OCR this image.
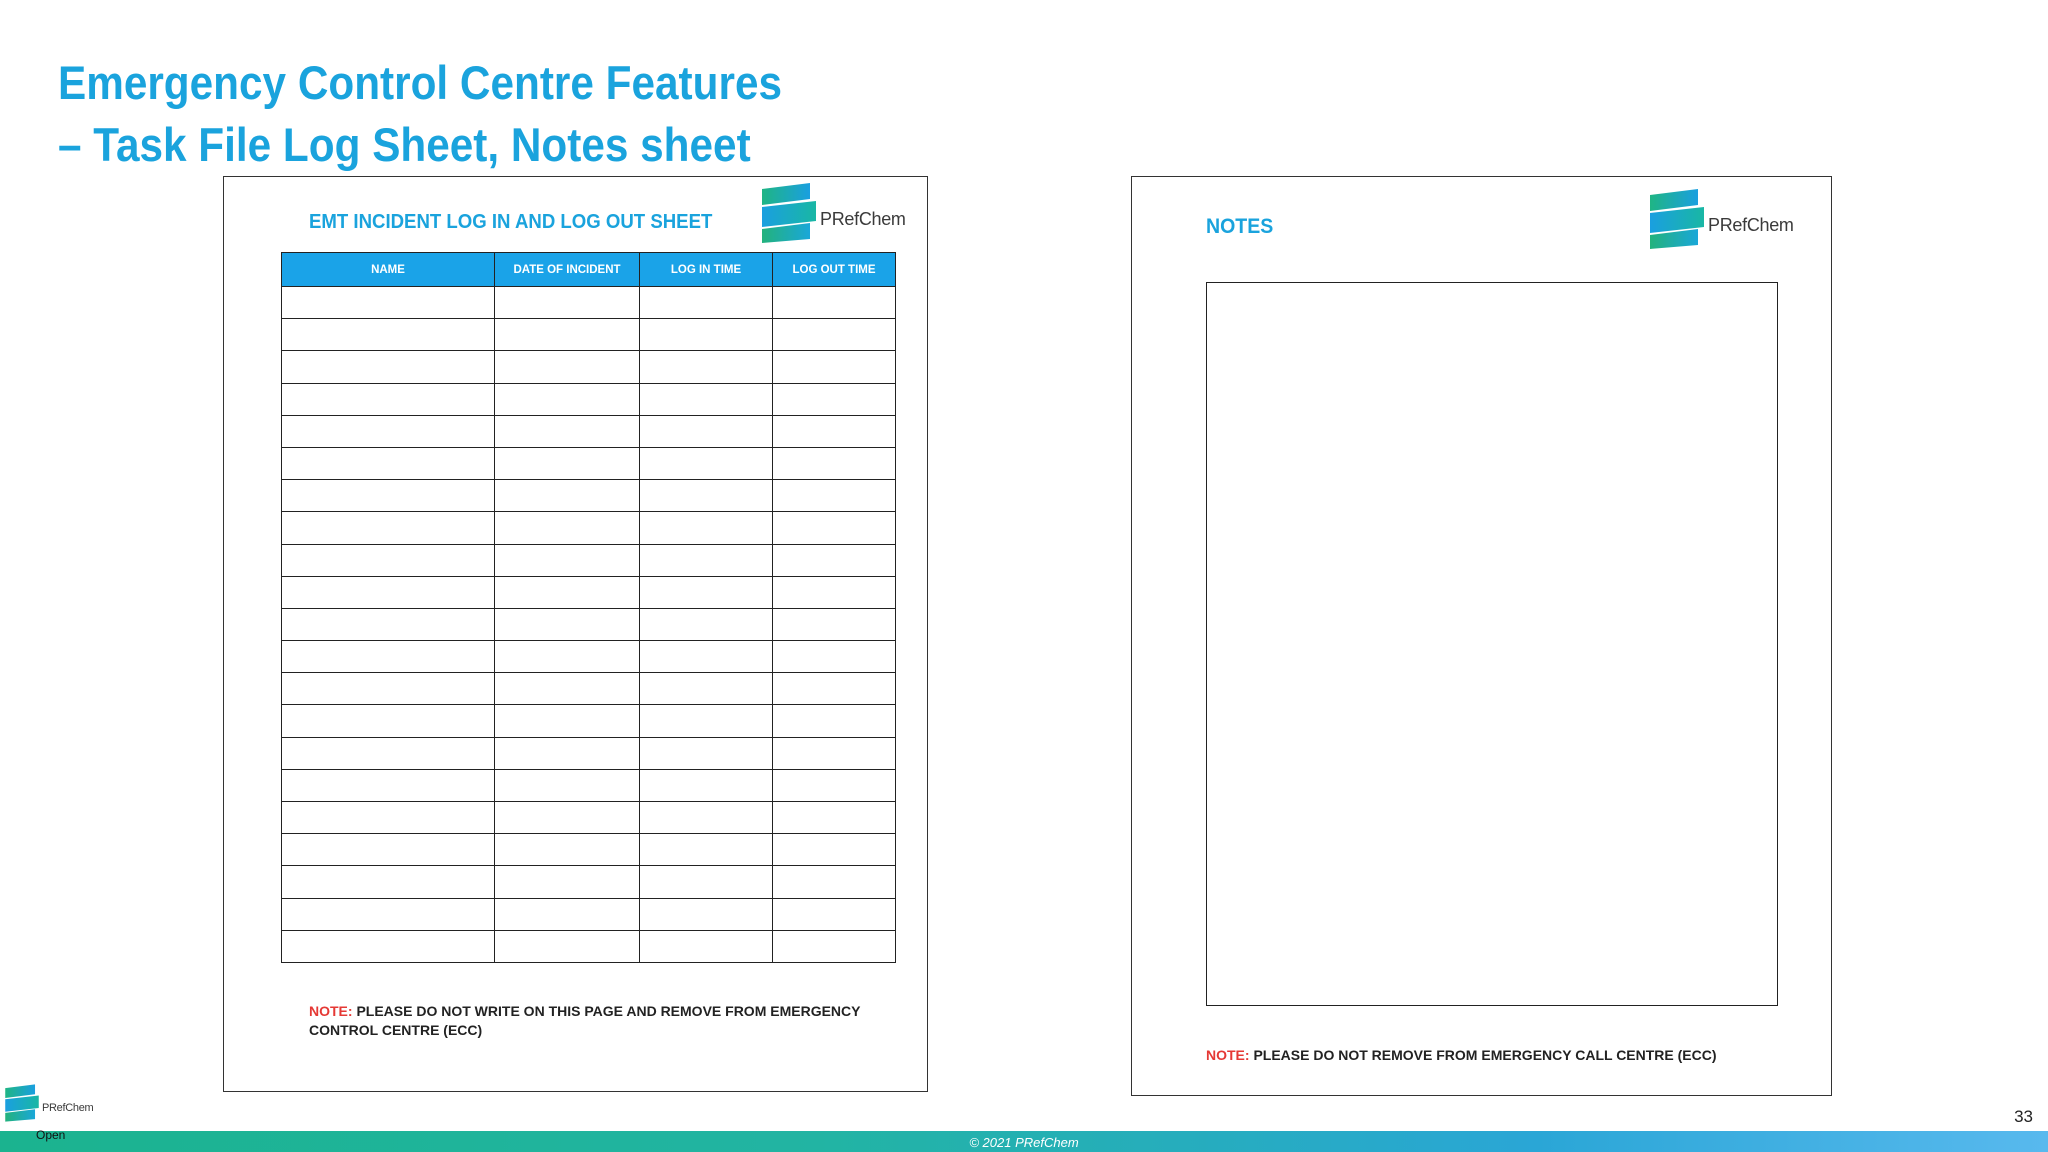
Emergency Control Centre Features
– Task File Log Sheet, Notes sheet
EMT INCIDENT LOG IN AND LOG OUT SHEET	PRefChem
NAME	DATE OF INCIDENT	LOG IN TIME	LOG OUT TIME

NOTE: PLEASE DO NOT WRITE ON THIS PAGE AND REMOVE FROM EMERGENCY CONTROL CENTRE (ECC)

NOTES	PRefChem

NOTE: PLEASE DO NOT REMOVE FROM EMERGENCY CALL CENTRE (ECC)

PRefChem
Open	© 2021 PRefChem
33
